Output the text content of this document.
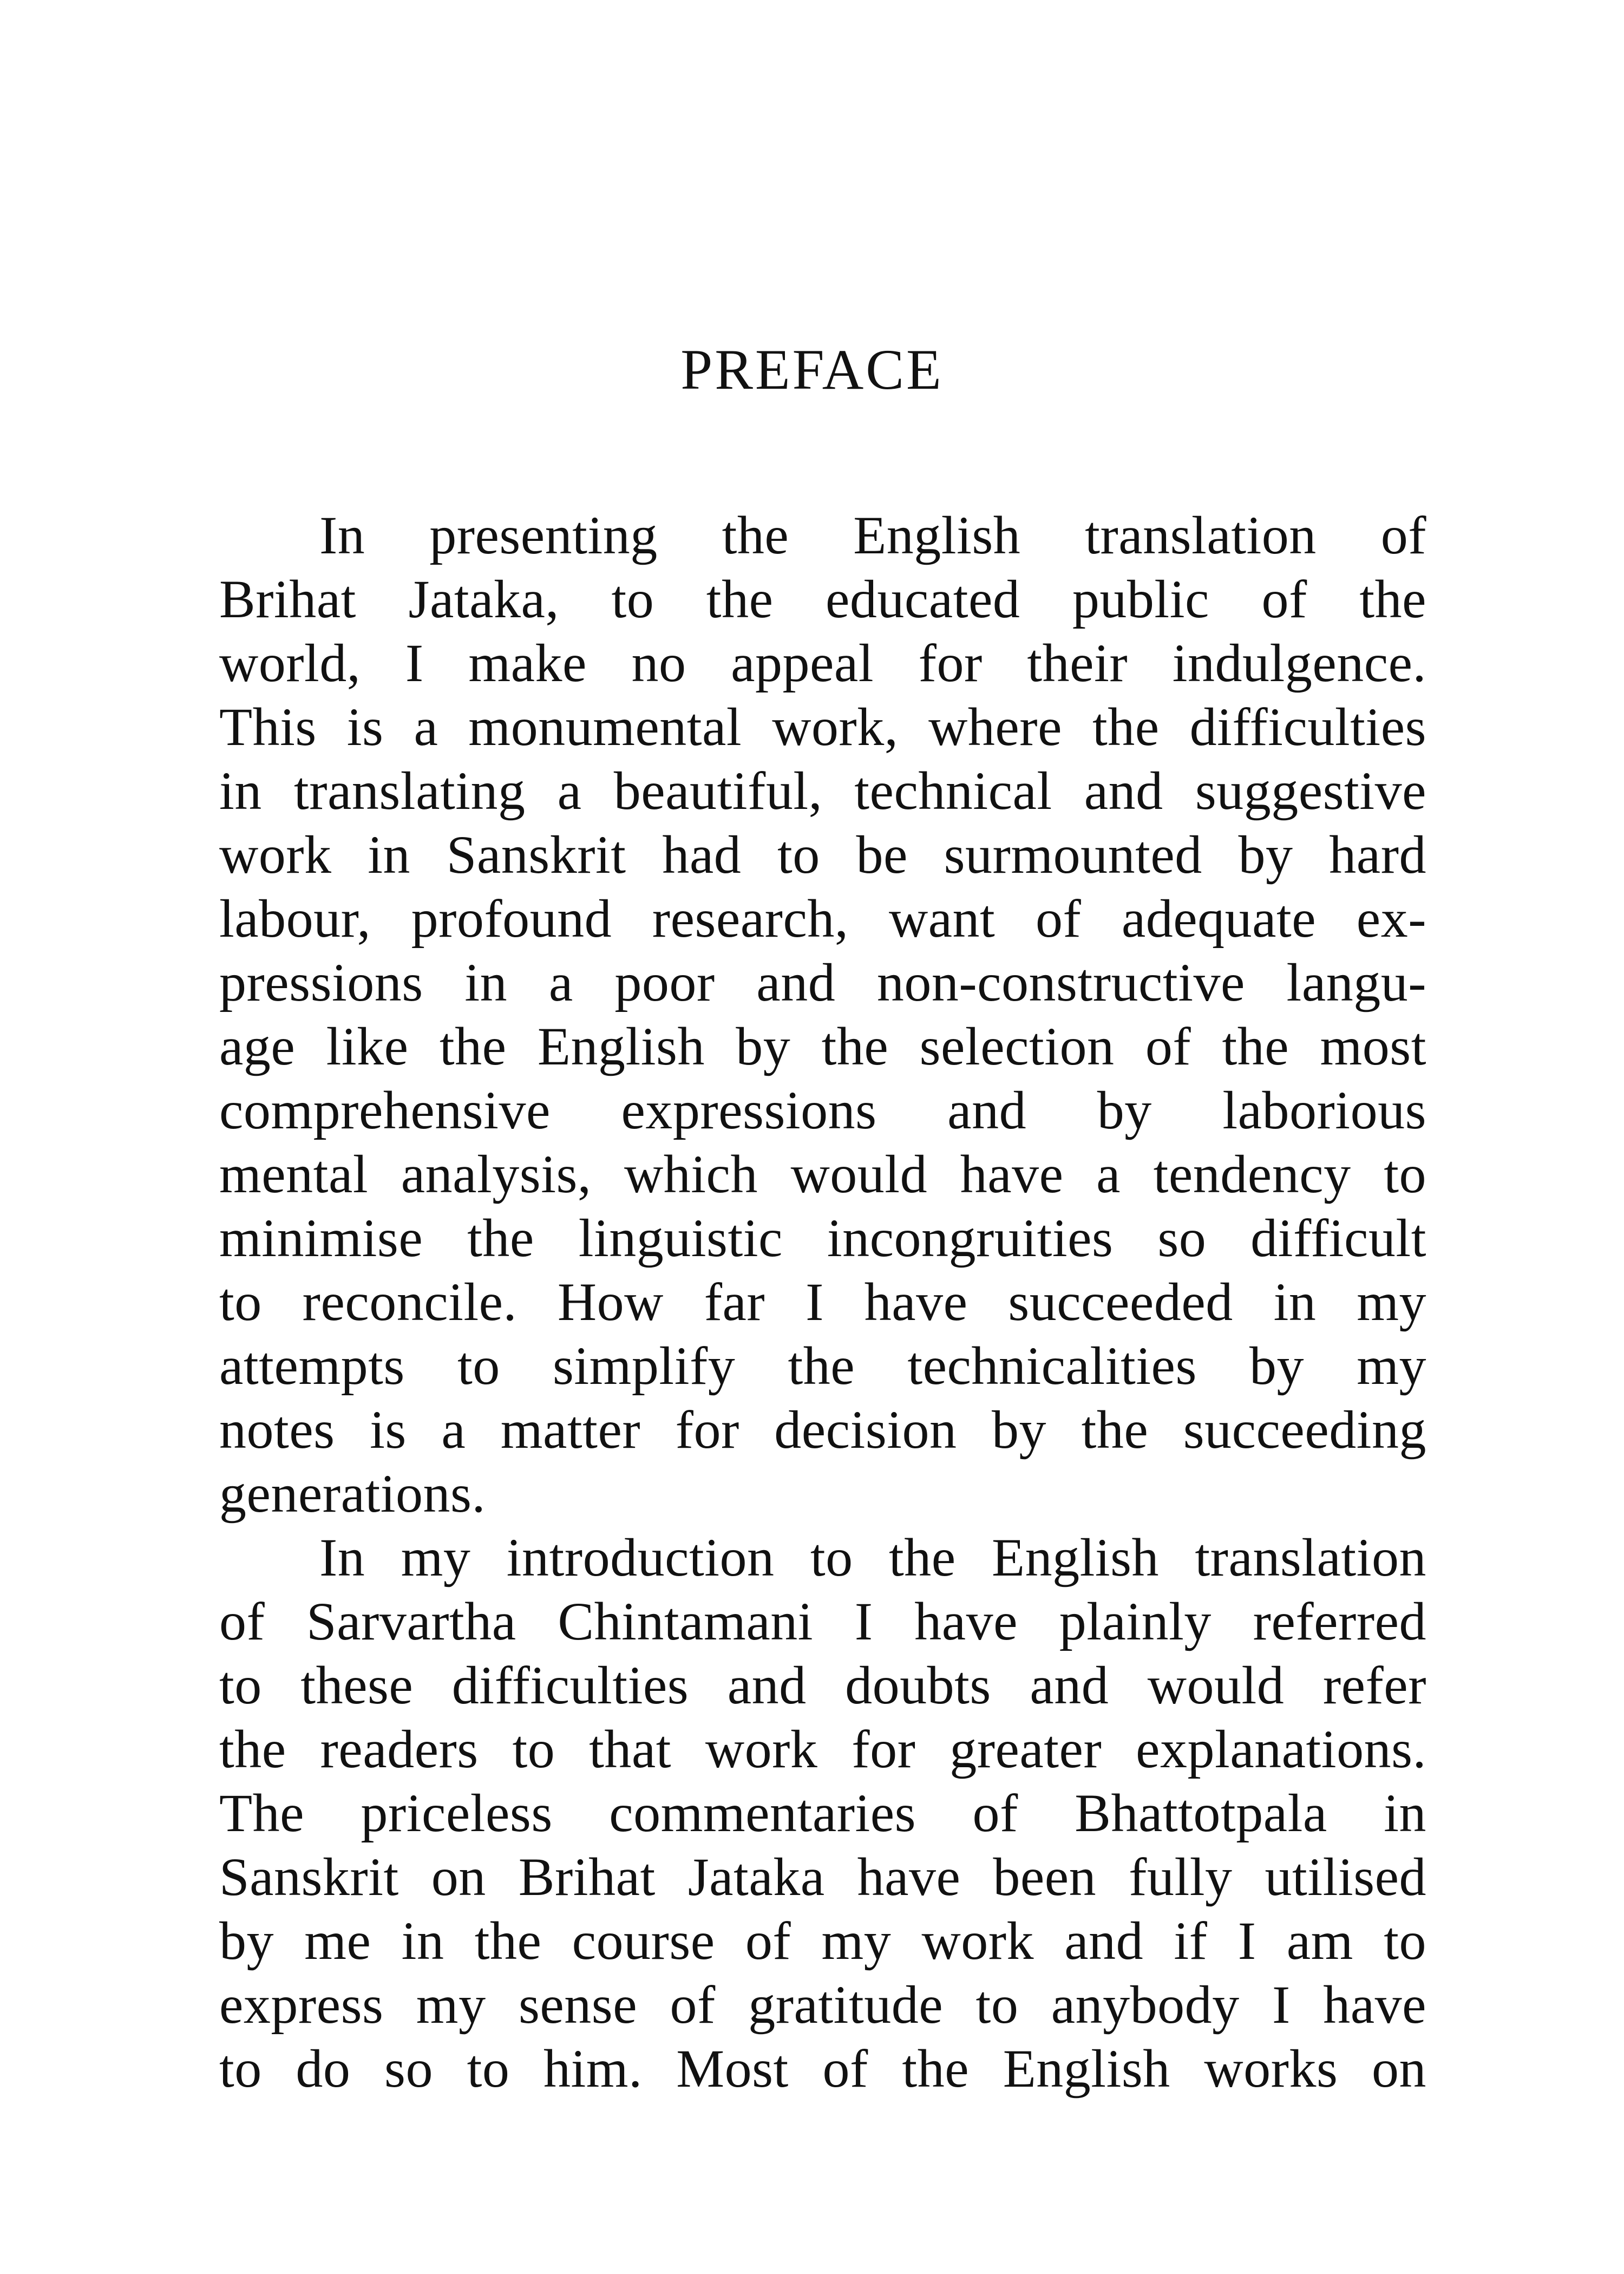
PREFACE
In presenting the English translation of
Brihat Jataka, to the educated public of the
world, I make no appeal for their indulgence.
This is a monumental work, where the difficulties
in translating a beautiful, technical and suggestive
work in Sanskrit had to be surmounted by hard
labour, profound research, want of adequate ex-
pressions in a poor and non-constructive langu-
age like the English by the selection of the most
comprehensive expressions and by laborious
mental analysis, which would have a tendency to
minimise the linguistic incongruities so difficult
to reconcile. How far I have succeeded in my
attempts to simplify the technicalities by my
notes is a matter for decision by the succeeding
generations.
In my introduction to the English translation
of Sarvartha Chintamani I have plainly referred
to these difficulties and doubts and would refer
the readers to that work for greater explanations.
The priceless commentaries of Bhattotpala in
Sanskrit on Brihat Jataka have been fully utilised
by me in the course of my work and if I am to
express my sense of gratitude to anybody I have
to do so to him. Most of the English works on
